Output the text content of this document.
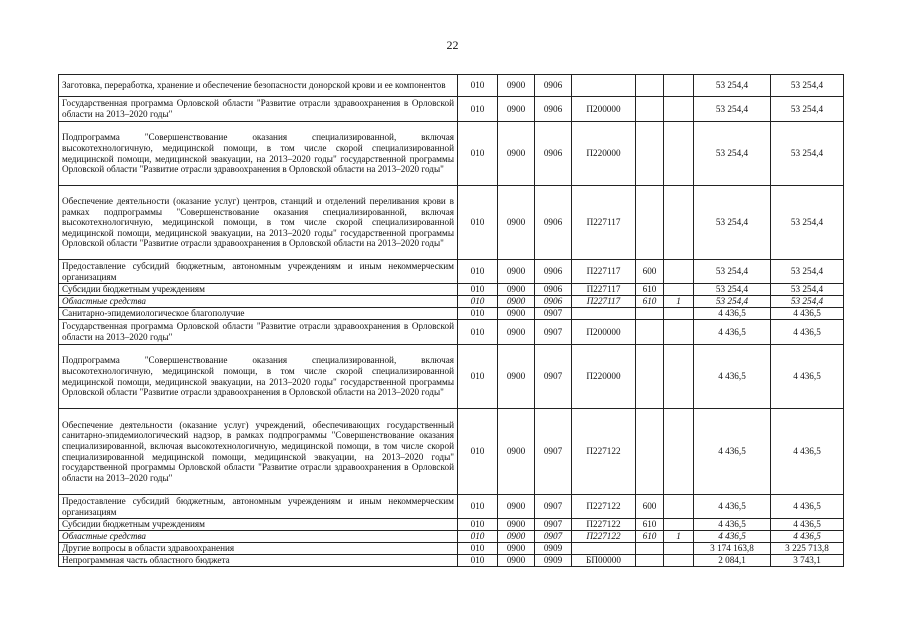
22
Заготовка, переработка, хранение и обеспечение безопасности донорской крови и ее компонентов	010	0900	0906				53 254,4	53 254,4
Государственная программа Орловской области "Развитие отрасли здравоохранения в Орловской области на 2013–2020 годы"	010	0900	0906	П200000			53 254,4	53 254,4
Подпрограмма "Совершенствование оказания специализированной, включая высокотехнологичную, медицинской помощи, в том числе скорой специализированной медицинской помощи, медицинской эвакуации, на 2013–2020 годы" государственной программы Орловской области "Развитие отрасли здравоохранения в Орловской области на 2013–2020 годы"	010	0900	0906	П220000			53 254,4	53 254,4
Обеспечение деятельности (оказание услуг) центров, станций и отделений переливания крови в рамках подпрограммы "Совершенствование оказания специализированной, включая высокотехнологичную, медицинской помощи, в том числе скорой специализированной медицинской помощи, медицинской эвакуации, на 2013–2020 годы" государственной программы Орловской области "Развитие отрасли здравоохранения в Орловской области на 2013–2020 годы"	010	0900	0906	П227117			53 254,4	53 254,4
Предоставление субсидий бюджетным, автономным учреждениям и иным некоммерческим организациям	010	0900	0906	П227117	600		53 254,4	53 254,4
Субсидии бюджетным учреждениям	010	0900	0906	П227117	610		53 254,4	53 254,4
Областные средства	010	0900	0906	П227117	610	1	53 254,4	53 254,4
Санитарно-эпидемиологическое благополучие	010	0900	0907				4 436,5	4 436,5
Государственная программа Орловской области "Развитие отрасли здравоохранения в Орловской области на 2013–2020 годы"	010	0900	0907	П200000			4 436,5	4 436,5
Подпрограмма "Совершенствование оказания специализированной, включая высокотехнологичную, медицинской помощи, в том числе скорой специализированной медицинской помощи, медицинской эвакуации, на 2013–2020 годы" государственной программы Орловской области "Развитие отрасли здравоохранения в Орловской области на 2013–2020 годы"	010	0900	0907	П220000			4 436,5	4 436,5
Обеспечение деятельности (оказание услуг) учреждений, обеспечивающих государственный санитарно-эпидемиологический надзор, в рамках подпрограммы "Совершенствование оказания специализированной, включая высокотехнологичную, медицинской помощи, в том числе скорой специализированной медицинской помощи, медицинской эвакуации, на 2013–2020 годы" государственной программы Орловской области "Развитие отрасли здравоохранения в Орловской области на 2013–2020 годы"	010	0900	0907	П227122			4 436,5	4 436,5
Предоставление субсидий бюджетным, автономным учреждениям и иным некоммерческим организациям	010	0900	0907	П227122	600		4 436,5	4 436,5
Субсидии бюджетным учреждениям	010	0900	0907	П227122	610		4 436,5	4 436,5
Областные средства	010	0900	0907	П227122	610	1	4 436,5	4 436,5
Другие вопросы в области здравоохранения	010	0900	0909				3 174 163,8	3 225 713,8
Непрограммная часть областного бюджета	010	0900	0909	БП00000			2 084,1	3 743,1
